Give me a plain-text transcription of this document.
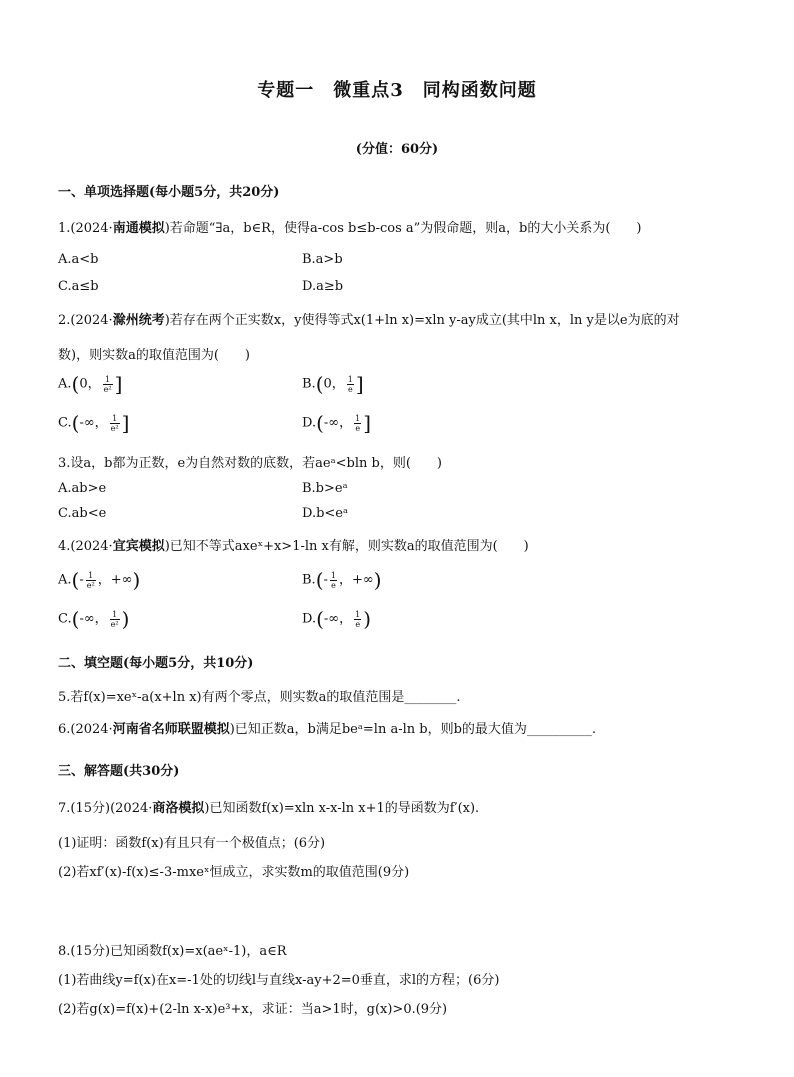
专题一　微重点3　同构函数问题
(分值：60分)
一、单项选择题(每小题5分，共20分)
1.(2024·南通模拟)若命题“∃a，b∈R，使得a-cos b≤b-cos a”为假命题，则a，b的大小关系为(　　)
A.a<b	B.a>b
C.a≤b	D.a≥b
2.(2024·滁州统考)若存在两个正实数x，y使得等式x(1+ln x)=xln y-ay成立(其中ln x，ln y是以e为底的对
数)，则实数a的取值范围为(　　)
A.(0， $\frac{1}{\text{e²}}$ ]	B.(0， $\frac{1}{e}$ ]
C.(-∞， $\frac{1}{\text{e²}}$ ]	D.(-∞， $\frac{1}{e}$ ]
3.设a，b都为正数，e为自然对数的底数，若aeᵃ<bln b，则(　　)
A.ab>e	B.b>eᵃ
C.ab<e	D.b<eᵃ
4.(2024·宜宾模拟)已知不等式axeˣ+x>1-ln x有解，则实数a的取值范围为(　　)
$A.(- \frac{1}{\text{e²}}$ ，+∞)	$B.(- \frac{1}{e}$ ，+∞)
C.(-∞， $\frac{1}{\text{e²}}$ )	D.(-∞， $\frac{1}{e}$ )
二、填空题(每小题5分，共10分)
5.若f(x)=xeˣ-a(x+ln x)有两个零点，则实数a的取值范围是________.
6.(2024·河南省名师联盟模拟)已知正数a，b满足beᵃ=ln a-ln b，则b的最大值为__________.
三、解答题(共30分)
7.(15分)(2024·商洛模拟)已知函数f(x)=xln x-x-ln x+1的导函数为f′(x).
(1)证明：函数f(x)有且只有一个极值点；(6分)
(2)若xf′(x)-f(x)≤-3-mxeˣ恒成立，求实数m的取值范围(9分)
8.(15分)已知函数f(x)=x(aeˣ-1)，a∈R
(1)若曲线y=f(x)在x=-1处的切线l与直线x-ay+2=0垂直，求l的方程；(6分)
(2)若g(x)=f(x)+(2-ln x-x)e³+x，求证：当a>1时，g(x)>0.(9分)
